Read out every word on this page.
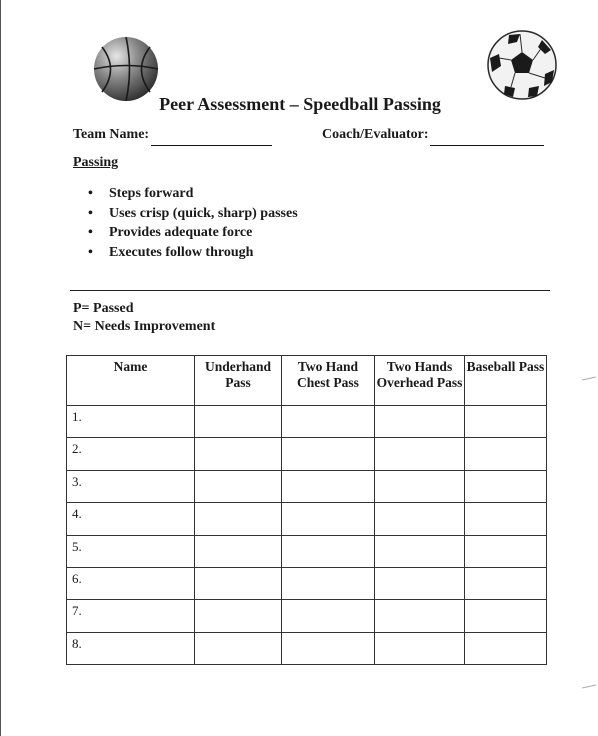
Peer Assessment – Speedball Passing
Team Name:	Coach/Evaluator:
Passing
• Steps forward
• Uses crisp (quick, sharp) passes
• Provides adequate force
• Executes follow through
P= Passed
N= Needs Improvement
Name	Underhand Pass	Two Hand Chest Pass	Two Hands Overhead Pass	Baseball Pass
1.				
2.				
3.				
4.				
5.				
6.				
7.				
8.				
